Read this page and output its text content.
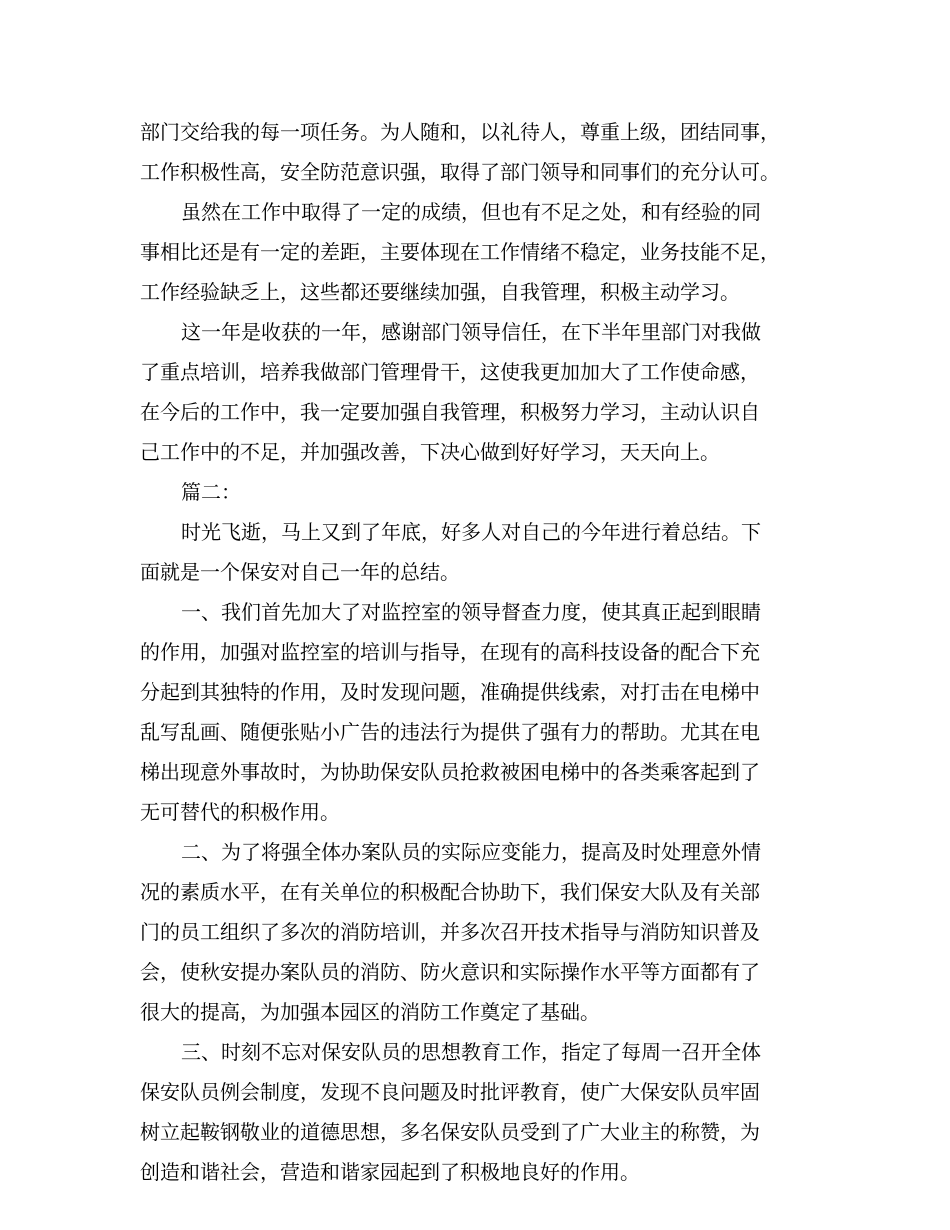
部门交给我的每一项任务。为人随和，以礼待人，尊重上级，团结同事，
工作积极性高，安全防范意识强，取得了部门领导和同事们的充分认可。
虽然在工作中取得了一定的成绩，但也有不足之处，和有经验的同
事相比还是有一定的差距，主要体现在工作情绪不稳定，业务技能不足，
工作经验缺乏上，这些都还要继续加强，自我管理，积极主动学习。
这一年是收获的一年，感谢部门领导信任，在下半年里部门对我做
了重点培训，培养我做部门管理骨干，这使我更加加大了工作使命感，
在今后的工作中，我一定要加强自我管理，积极努力学习，主动认识自
己工作中的不足，并加强改善，下决心做到好好学习，天天向上。
篇二：
时光飞逝，马上又到了年底，好多人对自己的今年进行着总结。下
面就是一个保安对自己一年的总结。
一、我们首先加大了对监控室的领导督查力度，使其真正起到眼睛
的作用，加强对监控室的培训与指导，在现有的高科技设备的配合下充
分起到其独特的作用，及时发现问题，准确提供线索，对打击在电梯中
乱写乱画、随便张贴小广告的违法行为提供了强有力的帮助。尤其在电
梯出现意外事故时，为协助保安队员抢救被困电梯中的各类乘客起到了
无可替代的积极作用。
二、为了将强全体办案队员的实际应变能力，提高及时处理意外情
况的素质水平，在有关单位的积极配合协助下，我们保安大队及有关部
门的员工组织了多次的消防培训，并多次召开技术指导与消防知识普及
会，使秋安提办案队员的消防、防火意识和实际操作水平等方面都有了
很大的提高，为加强本园区的消防工作奠定了基础。
三、时刻不忘对保安队员的思想教育工作，指定了每周一召开全体
保安队员例会制度，发现不良问题及时批评教育，使广大保安队员牢固
树立起鞍钢敬业的道德思想，多名保安队员受到了广大业主的称赞，为
创造和谐社会，营造和谐家园起到了积极地良好的作用。
